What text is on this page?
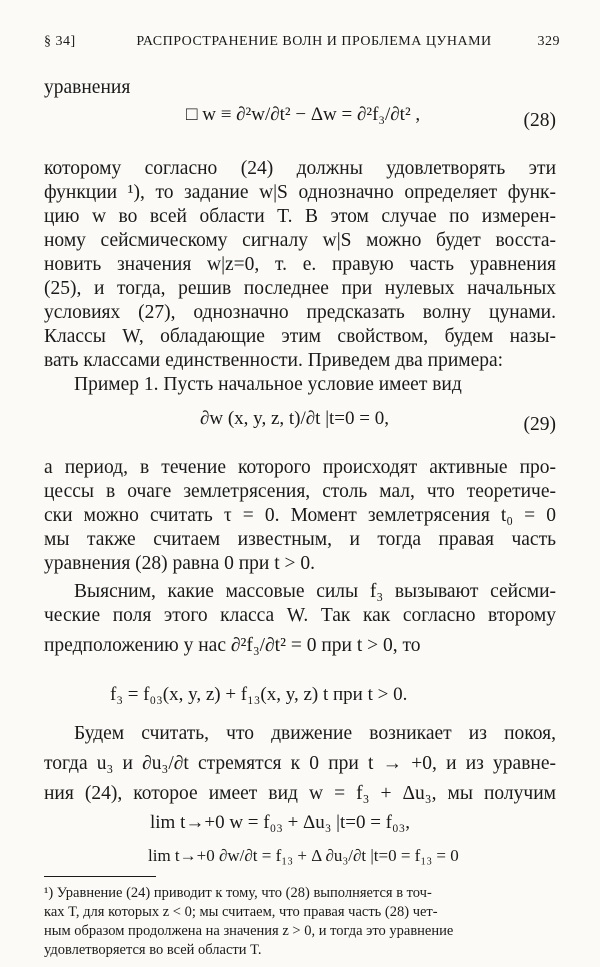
§ 34]	РАСПРОСТРАНЕНИЕ ВОЛН И ПРОБЛЕМА ЦУНАМИ	329
уравнения
□ w ≡ ∂²w/∂t² − Δw = ∂²f₃/∂t² ,	(28)
которому согласно (24) должны удовлетворять эти
функции ¹), то задание w|S однозначно определяет функ-
цию w во всей области T. В этом случае по измерен-
ному сейсмическому сигналу w|S можно будет восста-
новить значения w|z=0, т. е. правую часть уравнения
(25), и тогда, решив последнее при нулевых начальных
условиях (27), однозначно предсказать волну цунами.
Классы W, обладающие этим свойством, будем назы-
вать классами единственности. Приведем два примера:
Пример 1. Пусть начальное условие имеет вид
∂w (x, y, z, t)/∂t |t=0 = 0,	(29)
а период, в течение которого происходят активные про-
цессы в очаге землетрясения, столь мал, что теоретиче-
ски можно считать τ = 0. Момент землетрясения t₀ = 0
мы также считаем известным, и тогда правая часть
уравнения (28) равна 0 при t > 0.
Выясним, какие массовые силы f₃ вызывают сейсми-
ческие поля этого класса W. Так как согласно второму
предположению у нас ∂²f₃/∂t² = 0 при t > 0, то
f₃ = f₀₃(x, y, z) + f₁₃(x, y, z) t при t > 0.
Будем считать, что движение возникает из покоя,
тогда u₃ и ∂u₃/∂t стремятся к 0 при t → +0, и из уравне-
ния (24), которое имеет вид w = f₃ + Δu₃, мы получим
lim t→+0 w = f₀₃ + Δu₃ |t=0 = f₀₃,
lim t→+0 ∂w/∂t = f₁₃ + Δ ∂u₃/∂t |t=0 = f₁₃ = 0
¹) Уравнение (24) приводит к тому, что (28) выполняется в точ-
ках T, для которых z < 0; мы считаем, что правая часть (28) чет-
ным образом продолжена на значения z > 0, и тогда это уравнение
удовлетворяется во всей области T.
